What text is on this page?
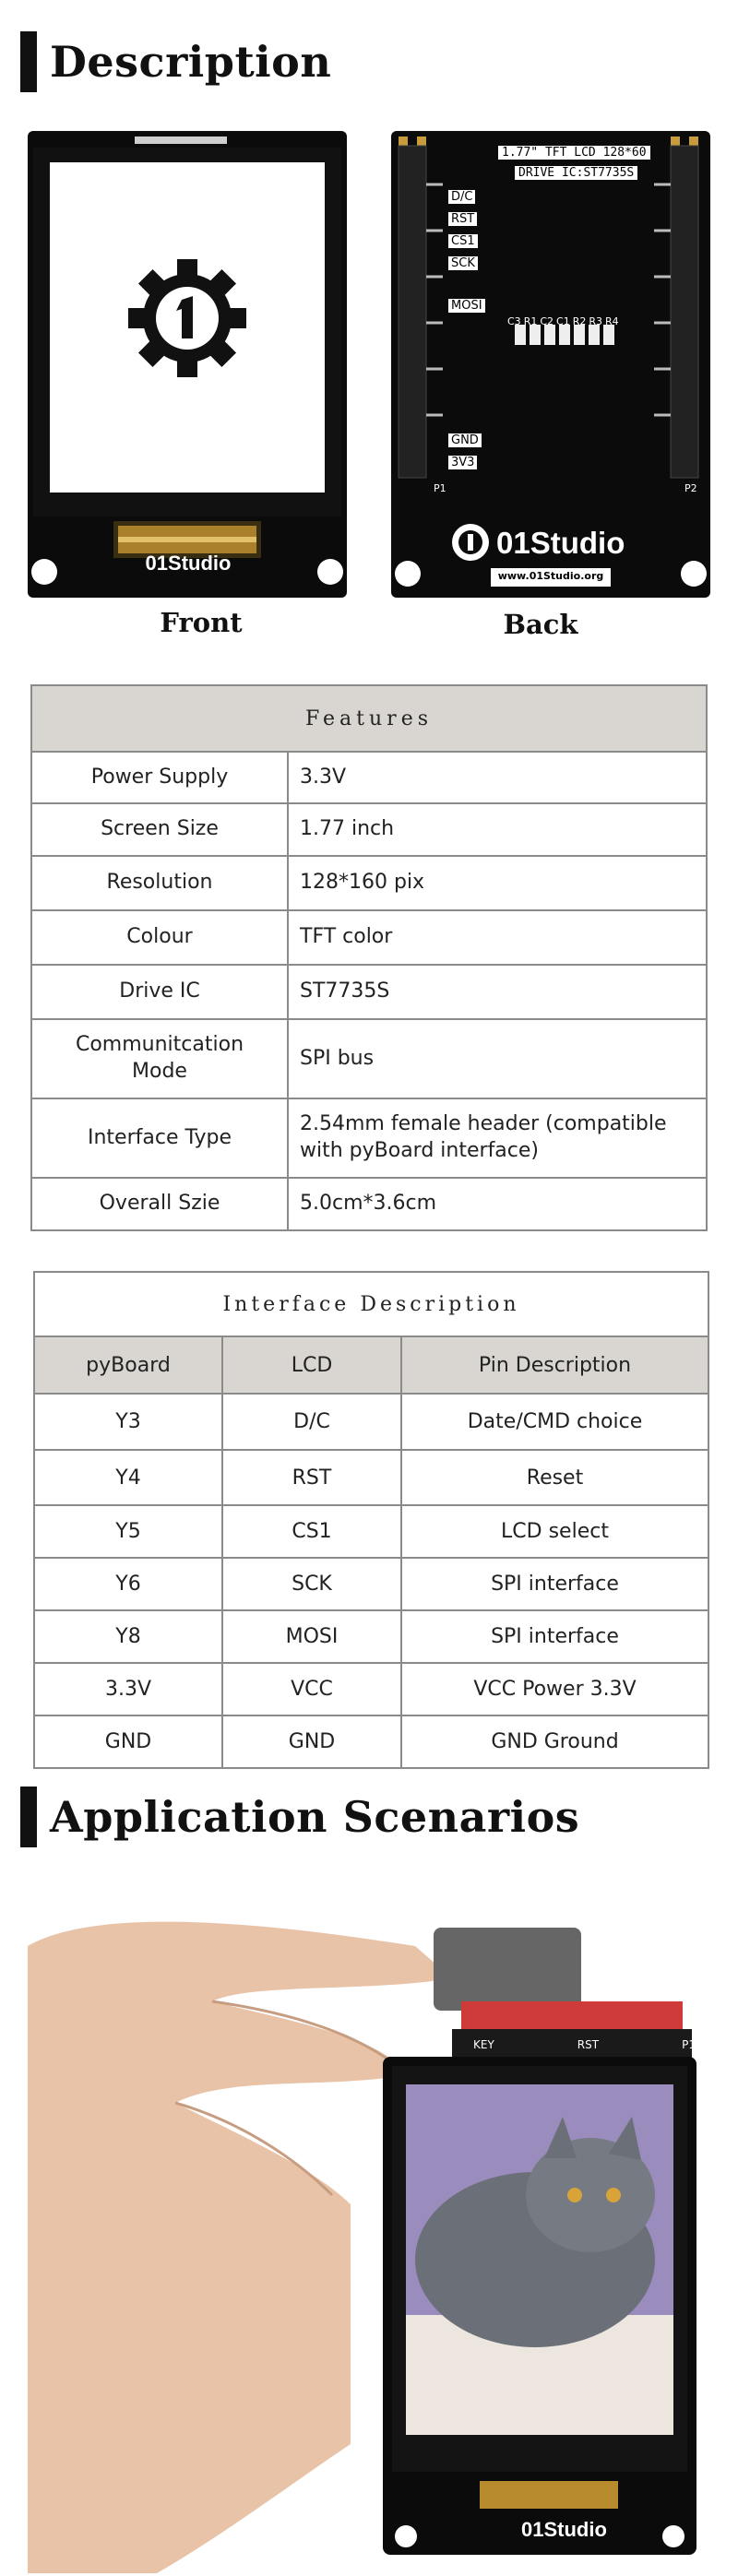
Description
01Studio
Front
1.77" TFT LCD 128*60
DRIVE IC:ST7735S
D/C
RST
CS1
SCK
MOSI
GND
3V3
C3 R1 C2 C1 R2 R3 R4
P1	P2
01Studio
www.01Studio.org
Back
Features	
Power Supply	3.3V
Screen Size	1.77 inch
Resolution	128*160 pix
Colour	TFT color
Drive IC	ST7735S
Communitcation Mode	SPI bus
Interface Type	2.54mm female header (compatible with pyBoard interface)
Overall Szie	5.0cm*3.6cm
Interface Description		
pyBoard	LCD	Pin Description
Y3	D/C	Date/CMD choice
Y4	RST	Reset
Y5	CS1	LCD select
Y6	SCK	SPI interface
Y8	MOSI	SPI interface
3.3V	VCC	VCC Power 3.3V
GND	GND	GND Ground
Application Scenarios
KEY	RST	P1
01Studio
